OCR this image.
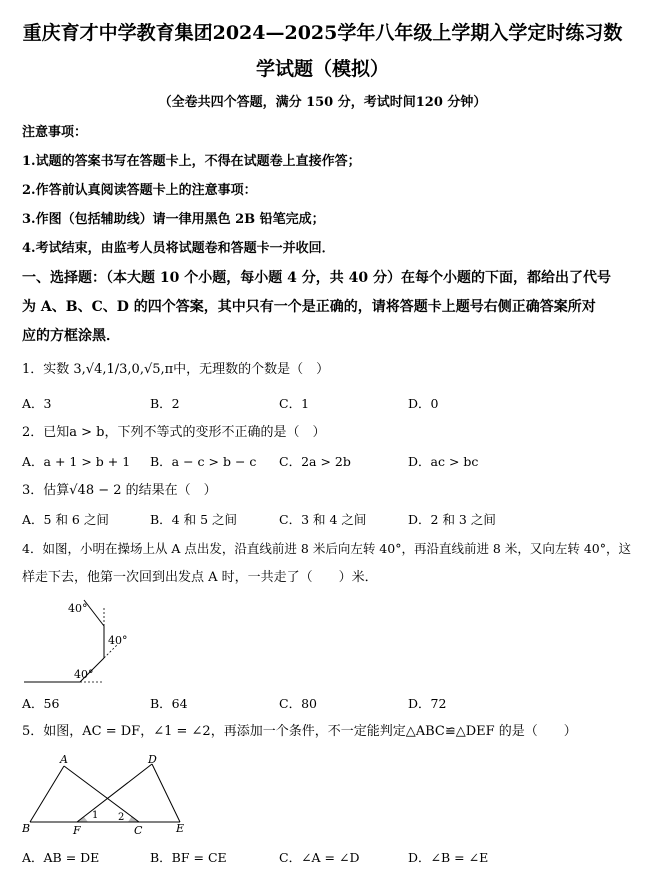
重庆育才中学教育集团2024—2025学年八年级上学期入学定时练习数
学试题（模拟）
（全卷共四个答题，满分 150 分，考试时间120 分钟）
注意事项：
1.试题的答案书写在答题卡上，不得在试题卷上直接作答；
2.作答前认真阅读答题卡上的注意事项：
3.作图（包括辅助线）请一律用黑色 2B 铅笔完成；
4.考试结束，由监考人员将试题卷和答题卡一并收回．
一、选择题：（本大题 10 个小题，每小题 4 分，共 40 分）在每个小题的下面，都给出了代号
为 A、B、C、D 的四个答案，其中只有一个是正确的，请将答题卡上题号右侧正确答案所对
应的方框涂黑．
1．实数 3,√4,1/3,0,√5,π中，无理数的个数是（　）
A．3	B．2	C．1	D．0
2．已知a > b，下列不等式的变形不正确的是（　）
A．a + 1 > b + 1 B．a − c > b − c C．2a > 2b	D．ac > bc
3．估算√48 − 2 的结果在（　）
A．5 和 6 之间	B．4 和 5 之间	C．3 和 4 之间	D．2 和 3 之间
4．如图，小明在操场上从 A 点出发，沿直线前进 8 米后向左转 40°，再沿直线前进 8 米，又向左转 40°，这
样走下去，他第一次回到出发点 A 时，一共走了（　　）米．
40°
40°
40°
A．56	B．64	C．80	D．72
5．如图，AC = DF，∠1 = ∠2，再添加一个条件，不一定能判定△ABC≌△DEF 的是（　　）
A	D
B	F
1 2
C	E
A．AB = DE	B．BF = CE	C．∠A = ∠D	D．∠B = ∠E
